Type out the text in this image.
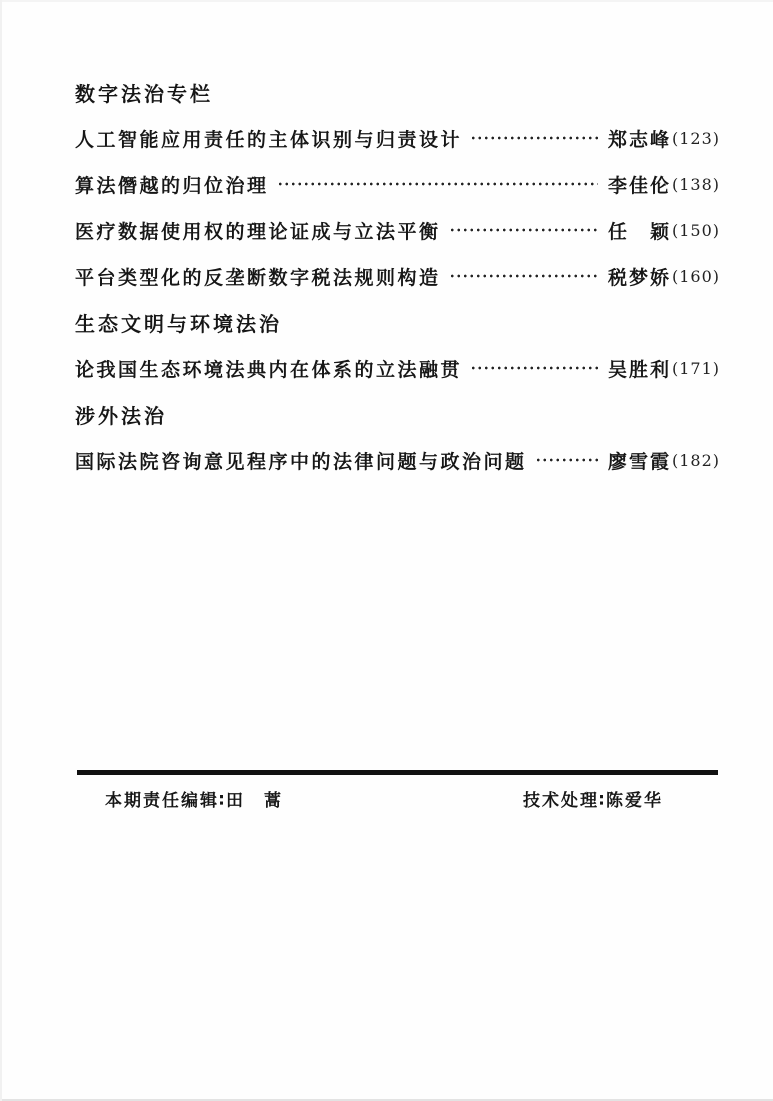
数字法治专栏
人工智能应用责任的主体识别与归责设计	郑志峰 (123)
算法僭越的归位治理	李佳伦 (138)
医疗数据使用权的理论证成与立法平衡	任　颖 (150)
平台类型化的反垄断数字税法规则构造	税梦娇 (160)
生态文明与环境法治
论我国生态环境法典内在体系的立法融贯	吴胜利 (171)
涉外法治
国际法院咨询意见程序中的法律问题与政治问题	廖雪霞 (182)
本期责任编辑∶田　蒿	技术处理∶陈爱华
